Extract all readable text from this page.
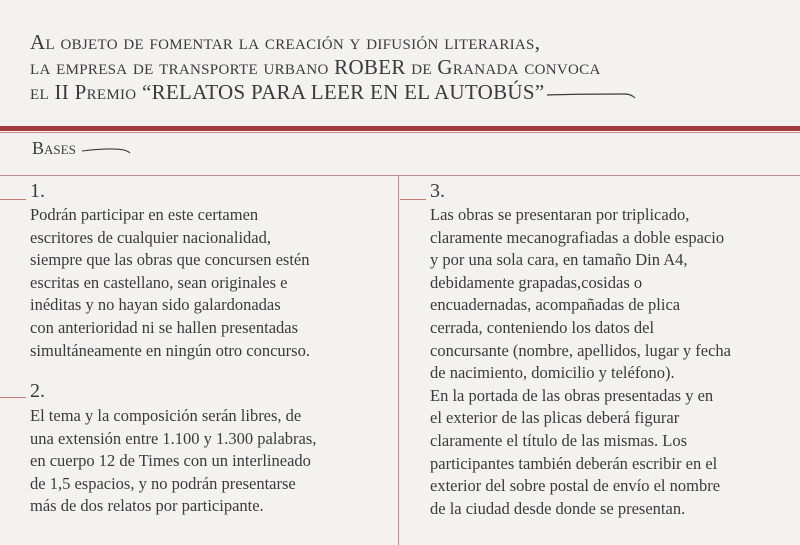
Al objeto de fomentar la creación y difusión literarias,
la empresa de transporte urbano ROBER de Granada convoca
el II Premio “RELATOS PARA LEER EN EL AUTOBÚS”
Bases
1.
Podrán participar en este certamen
escritores de cualquier nacionalidad,
siempre que las obras que concursen estén
escritas en castellano, sean originales e
inéditas y no hayan sido galardonadas
con anterioridad ni se hallen presentadas
simultáneamente en ningún otro concurso.
2.
El tema y la composición serán libres, de
una extensión entre 1.100 y 1.300 palabras,
en cuerpo 12 de Times con un interlineado
de 1,5 espacios, y no podrán presentarse
más de dos relatos por participante.
3.
Las obras se presentaran por triplicado,
claramente mecanografiadas a doble espacio
y por una sola cara, en tamaño Din A4,
debidamente grapadas,cosidas o
encuadernadas, acompañadas de plica
cerrada, conteniendo los datos del
concursante (nombre, apellidos, lugar y fecha
de nacimiento, domicilio y teléfono).
En la portada de las obras presentadas y en
el exterior de las plicas deberá figurar
claramente el título de las mismas. Los
participantes también deberán escribir en el
exterior del sobre postal de envío el nombre
de la ciudad desde donde se presentan.
